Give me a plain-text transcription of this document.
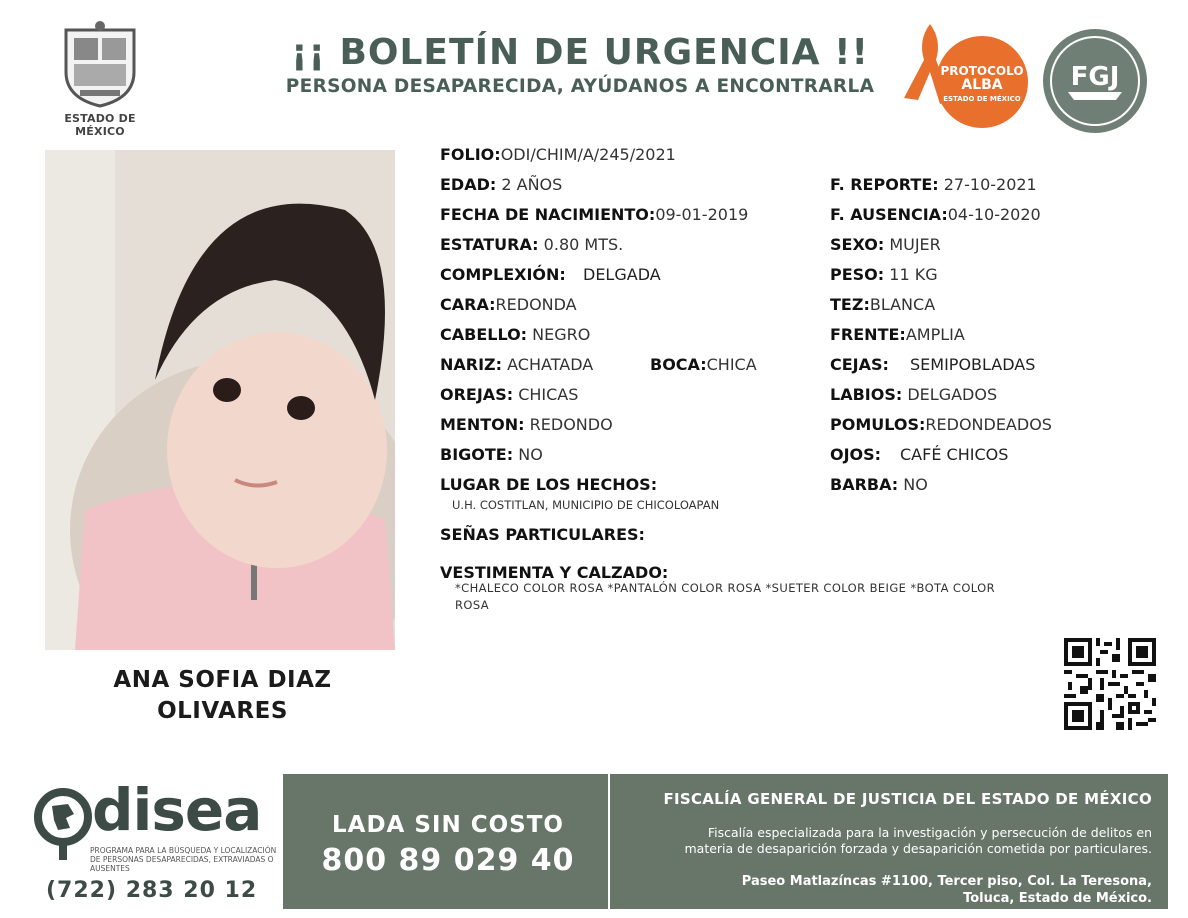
ESTADO DE MÉXICO
¡¡ BOLETÍN DE URGENCIA !!
PERSONA DESAPARECIDA, AYÚDANOS A ENCONTRARLA
PROTOCOLO
ALBA
ESTADO DE MÉXICO
FGJ
ANA SOFIA DIAZ
OLIVARES
FOLIO:ODI/CHIM/A/245/2021
EDAD: 2 AÑOS
FECHA DE NACIMIENTO:09-01-2019
ESTATURA: 0.80 MTS.
COMPLEXIÓN: DELGADA
CARA:REDONDA
CABELLO: NEGRO
NARIZ: ACHATADA	BOCA:CHICA
OREJAS: CHICAS
MENTON: REDONDO
BIGOTE: NO
LUGAR DE LOS HECHOS:
U.H. COSTITLAN, MUNICIPIO DE CHICOLOAPAN
SEÑAS PARTICULARES:
VESTIMENTA Y CALZADO:
*CHALECO COLOR ROSA *PANTALÓN COLOR ROSA *SUETER COLOR BEIGE *BOTA COLOR
ROSA
F. REPORTE: 27-10-2021
F. AUSENCIA:04-10-2020
SEXO: MUJER
PESO: 11 KG
TEZ:BLANCA
FRENTE:AMPLIA
CEJAS: SEMIPOBLADAS
LABIOS: DELGADOS
POMULOS:REDONDEADOS
OJOS: CAFÉ CHICOS
BARBA: NO
disea
PROGRAMA PARA LA BÚSQUEDA Y LOCALIZACIÓN
DE PERSONAS DESAPARECIDAS, EXTRAVIADAS O
AUSENTES
(722) 283 20 12
LADA SIN COSTO
800 89 029 40
FISCALÍA GENERAL DE JUSTICIA DEL ESTADO DE MÉXICO
Fiscalía especializada para la investigación y persecución de delitos en
materia de desaparición forzada y desaparición cometida por particulares.
Paseo Matlazíncas #1100, Tercer piso, Col. La Teresona,
Toluca, Estado de México.
